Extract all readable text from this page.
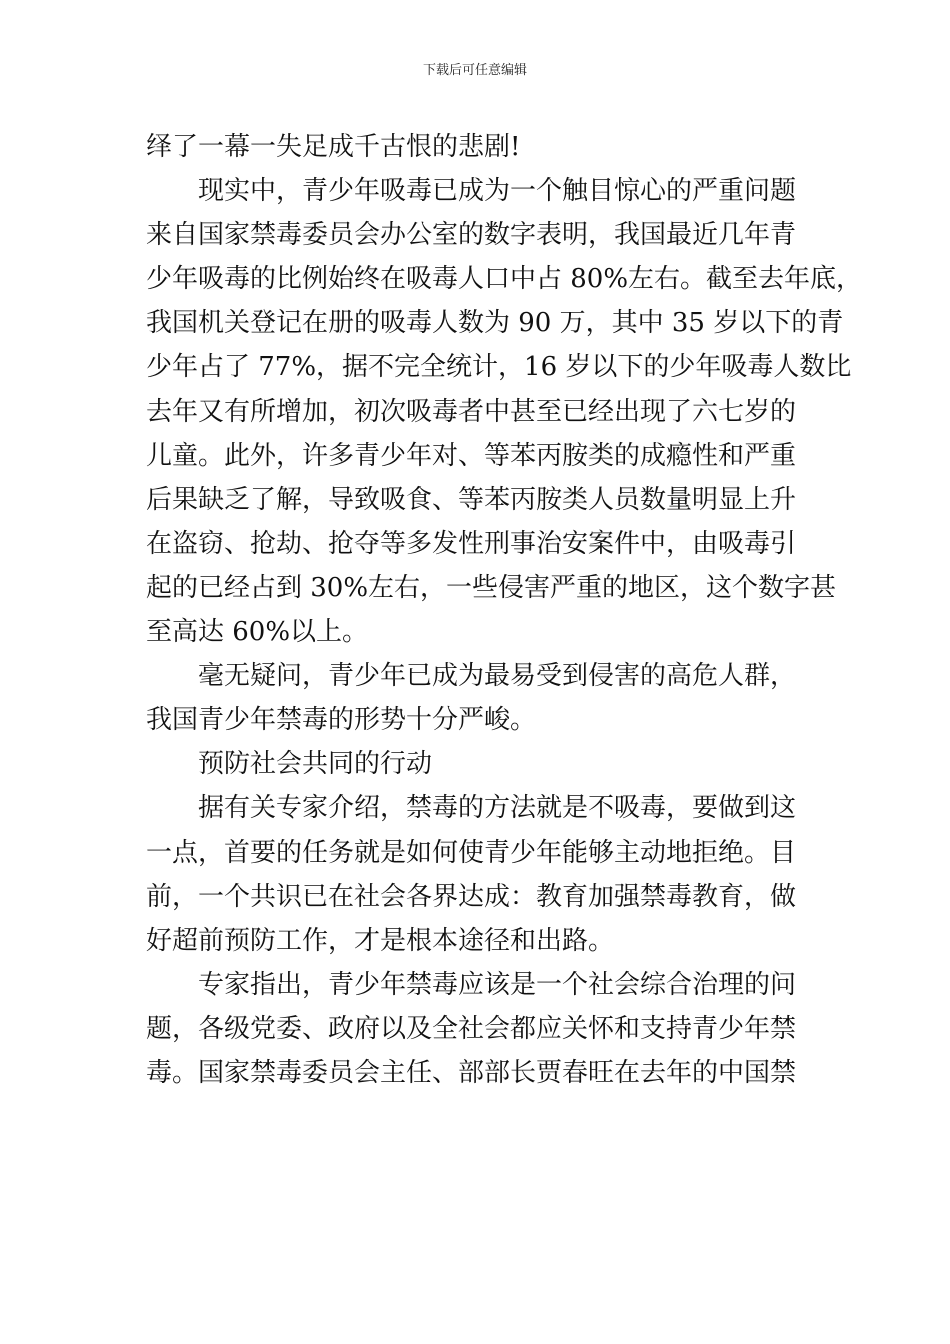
下载后可任意编辑
绎了一幕一失足成千古恨的悲剧!
现实中，青少年吸毒已成为一个触目惊心的严重问题
来自国家禁毒委员会办公室的数字表明，我国最近几年青
少年吸毒的比例始终在吸毒人口中占 80%左右。截至去年底，
我国机关登记在册的吸毒人数为 90 万，其中 35 岁以下的青
少年占了 77%，据不完全统计，16 岁以下的少年吸毒人数比
去年又有所增加，初次吸毒者中甚至已经出现了六七岁的
儿童。此外，许多青少年对、等苯丙胺类的成瘾性和严重
后果缺乏了解，导致吸食、等苯丙胺类人员数量明显上升
在盗窃、抢劫、抢夺等多发性刑事治安案件中，由吸毒引
起的已经占到 30%左右，一些侵害严重的地区，这个数字甚
至高达 60%以上。
毫无疑问，青少年已成为最易受到侵害的高危人群，
我国青少年禁毒的形势十分严峻。
预防社会共同的行动
据有关专家介绍，禁毒的方法就是不吸毒，要做到这
一点，首要的任务就是如何使青少年能够主动地拒绝。目
前，一个共识已在社会各界达成：教育加强禁毒教育，做
好超前预防工作，才是根本途径和出路。
专家指出，青少年禁毒应该是一个社会综合治理的问
题，各级党委、政府以及全社会都应关怀和支持青少年禁
毒。国家禁毒委员会主任、部部长贾春旺在去年的中国禁
